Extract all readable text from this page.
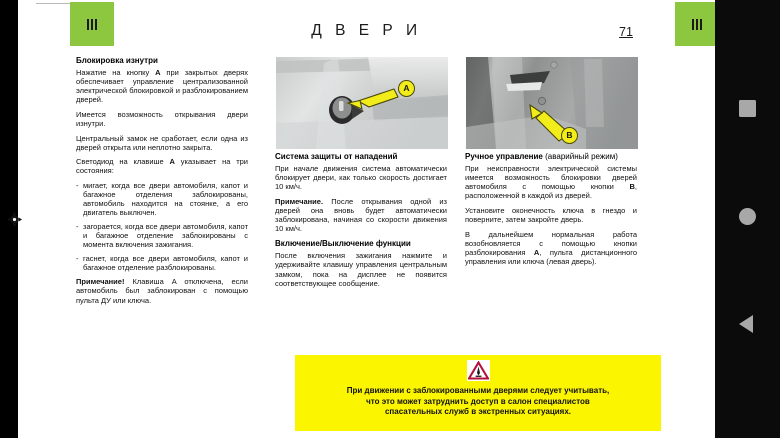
Д В Е Р И	71
Блокировка изнутри

Нажатие на кнопку A при закрытых дверях обеспечивает управление централизованной электрической блокировкой и разблокированием дверей.

Имеется возможность открывания двери изнутри.

Центральный замок не сработает, если одна из дверей открыта или неплотно закрыта.

Светодиод на клавише A указывает на три состояния:

- мигает, когда все двери автомобиля, капот и багажное отделения заблокированы, автомобиль находится на стоянке, а его двигатель выключен.
- загорается, когда все двери автомобиля, капот и багажное отделение заблокированы с момента включения зажигания.
- гаснет, когда все двери автомобиля, капот и багажное отделение разблокированы.

Примечание! Клавиша A отключена, если автомобиль был заблокирован с помощью пульта ДУ или ключа.

A
Система защиты от нападений

При начале движения система автоматически блокирует двери, как только скорость достигает 10 км/ч.

Примечание. После открывания одной из дверей она вновь будет автоматически заблокирована, начиная со скорости движения 10 км/ч.

Включение/Выключение функции

После включения зажигания нажмите и удерживайте клавишу управления центральным замком, пока на дисплее не появится соответствующее сообщение.

B
Ручное управление (аварийный режим)

При неисправности электрической системы имеется возможность блокировки дверей автомобиля с помощью кнопки B, расположенной в каждой из дверей.

Установите оконечность ключа в гнездо и поверните, затем закройте дверь.

В дальнейшем нормальная работа возобновляется с помощью кнопки разблокирования A, пульта дистанционного управления или ключа (левая дверь).

При движении с заблокированными дверями следует учитывать,
что это может затруднить доступ в салон специалистов
спасательных служб в экстренных ситуациях.
